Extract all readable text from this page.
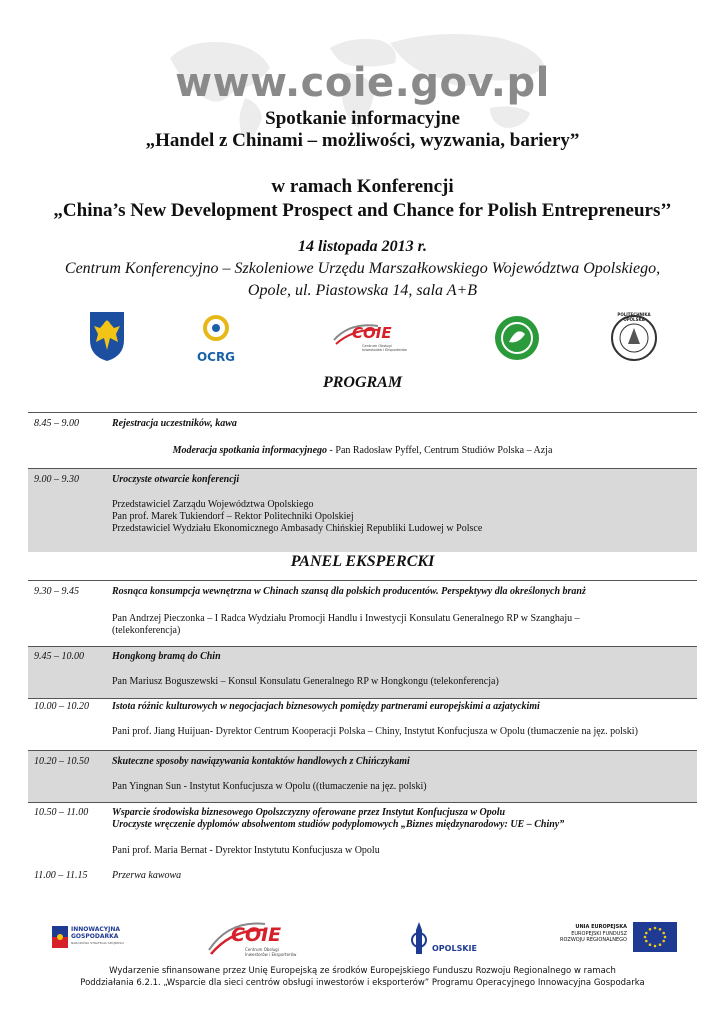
www.coie.gov.pl
Spotkanie informacyjne
„Handel z Chinami – możliwości, wyzwania, bariery”
w ramach Konferencji
„China’s New Development Prospect and Chance for Polish Entrepreneurs’’
14 listopada 2013 r.
Centrum Konferencyjno – Szkoleniowe Urzędu Marszałkowskiego Województwa Opolskiego,
Opole, ul. Piastowska 14, sala A+B
OCRG
COIE
Centrum Obsługi Inwestorów i Eksporterów
POLITECHNIKA OPOLSKA
PROGRAM
8.45 – 9.00	Rejestracja uczestników, kawa
Moderacja spotkania informacyjnego - Pan Radosław Pyffel, Centrum Studiów Polska – Azja
9.00 – 9.30	Uroczyste otwarcie konferencji
Przedstawiciel Zarządu Województwa Opolskiego
Pan prof. Marek Tukiendorf – Rektor Politechniki Opolskiej
Przedstawiciel Wydziału Ekonomicznego Ambasady Chińskiej Republiki Ludowej w Polsce
PANEL EKSPERCKI
9.30 – 9.45	Rosnąca konsumpcja wewnętrzna w Chinach szansą dla polskich producentów. Perspektywy dla określonych branż
Pan Andrzej Pieczonka – I Radca Wydziału Promocji Handlu i Inwestycji Konsulatu Generalnego RP w Szanghaju –
(telekonferencja)
9.45 – 10.00	Hongkong bramą do Chin
Pan Mariusz Boguszewski – Konsul Konsulatu Generalnego RP w Hongkongu (telekonferencja)
10.00 – 10.20 Istota różnic kulturowych w negocjacjach biznesowych pomiędzy partnerami europejskimi a azjatyckimi
Pani prof. Jiang Huijuan- Dyrektor Centrum Kooperacji Polska – Chiny, Instytut Konfucjusza w Opolu (tłumaczenie na jęz. polski)
10.20 – 10.50 Skuteczne sposoby nawiązywania kontaktów handlowych z Chińczykami
Pan Yingnan Sun - Instytut Konfucjusza w Opolu ((tłumaczenie na jęz. polski)
10.50 – 11.00 Wsparcie środowiska biznesowego Opolszczyzny oferowane przez Instytut Konfucjusza w Opolu
Uroczyste wręczenie dyplomów absolwentom studiów podyplomowych „Biznes międzynarodowy: UE – Chiny”
Pani prof. Maria Bernat - Dyrektor Instytutu Konfucjusza w Opolu
11.00 – 11.15 Przerwa kawowa
INNOWACYJNA
GOSPODARKA
NARODOWA STRATEGIA SPÓJNOŚCI	COIE
Centrum Obsługi Inwestorów i Eksporterów
OPOLSKIE
UNIA EUROPEJSKA
EUROPEJSKI FUNDUSZ
ROZWOJU REGIONALNEGO
Wydarzenie sfinansowane przez Unię Europejską ze środków Europejskiego Funduszu Rozwoju Regionalnego w ramach
Poddziałania 6.2.1. „Wsparcie dla sieci centrów obsługi inwestorów i eksporterów” Programu Operacyjnego Innowacyjna Gospodarka
